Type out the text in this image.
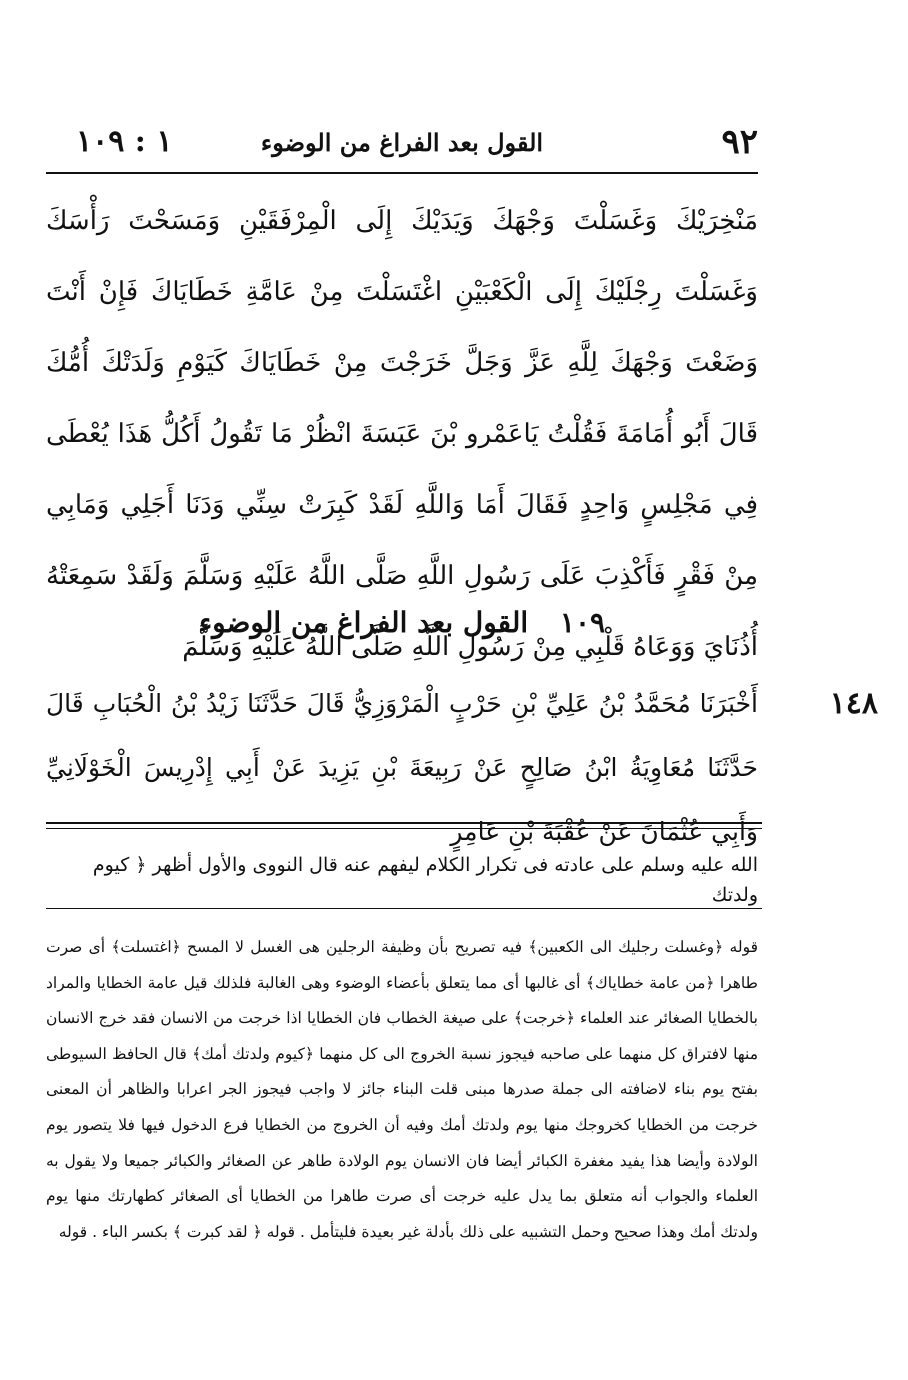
٩٢
القول بعد الفراغ من الوضوء
١ : ١٠٩

مَنْخِرَيْكَ وَغَسَلْتَ وَجْهَكَ وَيَدَيْكَ إِلَى الْمِرْفَقَيْنِ وَمَسَحْتَ رَأْسَكَ وَغَسَلْتَ رِجْلَيْكَ إِلَى الْكَعْبَيْنِ اغْتَسَلْتَ مِنْ عَامَّةِ خَطَايَاكَ فَإِنْ أَنْتَ وَضَعْتَ وَجْهَكَ لِلَّهِ عَزَّ وَجَلَّ خَرَجْتَ مِنْ خَطَايَاكَ كَيَوْمِ وَلَدَتْكَ أُمُّكَ قَالَ أَبُو أُمَامَةَ فَقُلْتُ يَاعَمْرو بْنَ عَبَسَةَ انْظُرْ مَا تَقُولُ أَكُلُّ هَذَا يُعْطَى فِي مَجْلِسٍ وَاحِدٍ فَقَالَ أَمَا وَاللَّهِ لَقَدْ كَبِرَتْ سِنِّي وَدَنَا أَجَلِي وَمَابِي مِنْ فَقْرٍ فَأَكْذِبَ عَلَى رَسُولِ اللَّهِ صَلَّى اللَّهُ عَلَيْهِ وَسَلَّمَ وَلَقَدْ سَمِعَتْهُ أُذُنَايَ وَوَعَاهُ قَلْبِي مِنْ رَسُولِ اللَّهِ صَلَّى اللَّهُ عَلَيْهِ وَسَلَّمَ

١٠٩ القول بعد الفراغ من الوضوء
١٤٨

أَخْبَرَنَا مُحَمَّدُ بْنُ عَلِيِّ بْنِ حَرْبٍ الْمَرْوَزِيُّ قَالَ حَدَّثَنَا زَيْدُ بْنُ الْحُبَابِ قَالَ حَدَّثَنَا مُعَاوِيَةُ ابْنُ صَالِحٍ عَنْ رَبِيعَةَ بْنِ يَزِيدَ عَنْ أَبِي إِدْرِيسَ الْخَوْلَانِيِّ وَأَبِي عُثْمَانَ عَنْ عُقْبَةَ بْنِ عَامِرٍ

الله عليه وسلم على عادته فى تكرار الكلام ليفهم عنه قال النووى والأول أظهر ﴿ كيوم ولدتك

قوله ﴿وغسلت رجليك الى الكعبين﴾ فيه تصريح بأن وظيفة الرجلين هى الغسل لا المسح ﴿اغتسلت﴾ أى صرت طاهرا ﴿من عامة خطاياك﴾ أى غالبها أى مما يتعلق بأعضاء الوضوء وهى الغالبة فلذلك قيل عامة الخطايا والمراد بالخطايا الصغائر عند العلماء ﴿خرجت﴾ على صيغة الخطاب فان الخطايا اذا خرجت من الانسان فقد خرج الانسان منها لافتراق كل منهما على صاحبه فيجوز نسبة الخروج الى كل منهما ﴿كيوم ولدتك أمك﴾ قال الحافظ السيوطى بفتح يوم بناء لاضافته الى جملة صدرها مبنى قلت البناء جائز لا واجب فيجوز الجر اعرابا والظاهر أن المعنى خرجت من الخطايا كخروجك منها يوم ولدتك أمك وفيه أن الخروج من الخطايا فرع الدخول فيها فلا يتصور يوم الولادة وأيضا هذا يفيد مغفرة الكبائر أيضا فان الانسان يوم الولادة طاهر عن الصغائر والكبائر جميعا ولا يقول به العلماء والجواب أنه متعلق بما يدل عليه خرجت أى صرت طاهرا من الخطايا أى الصغائر كطهارتك منها يوم ولدتك أمك وهذا صحيح وحمل التشبيه على ذلك بأدلة غير بعيدة فليتأمل . قوله ﴿ لقد كبرت ﴾ بكسر الباء . قوله
